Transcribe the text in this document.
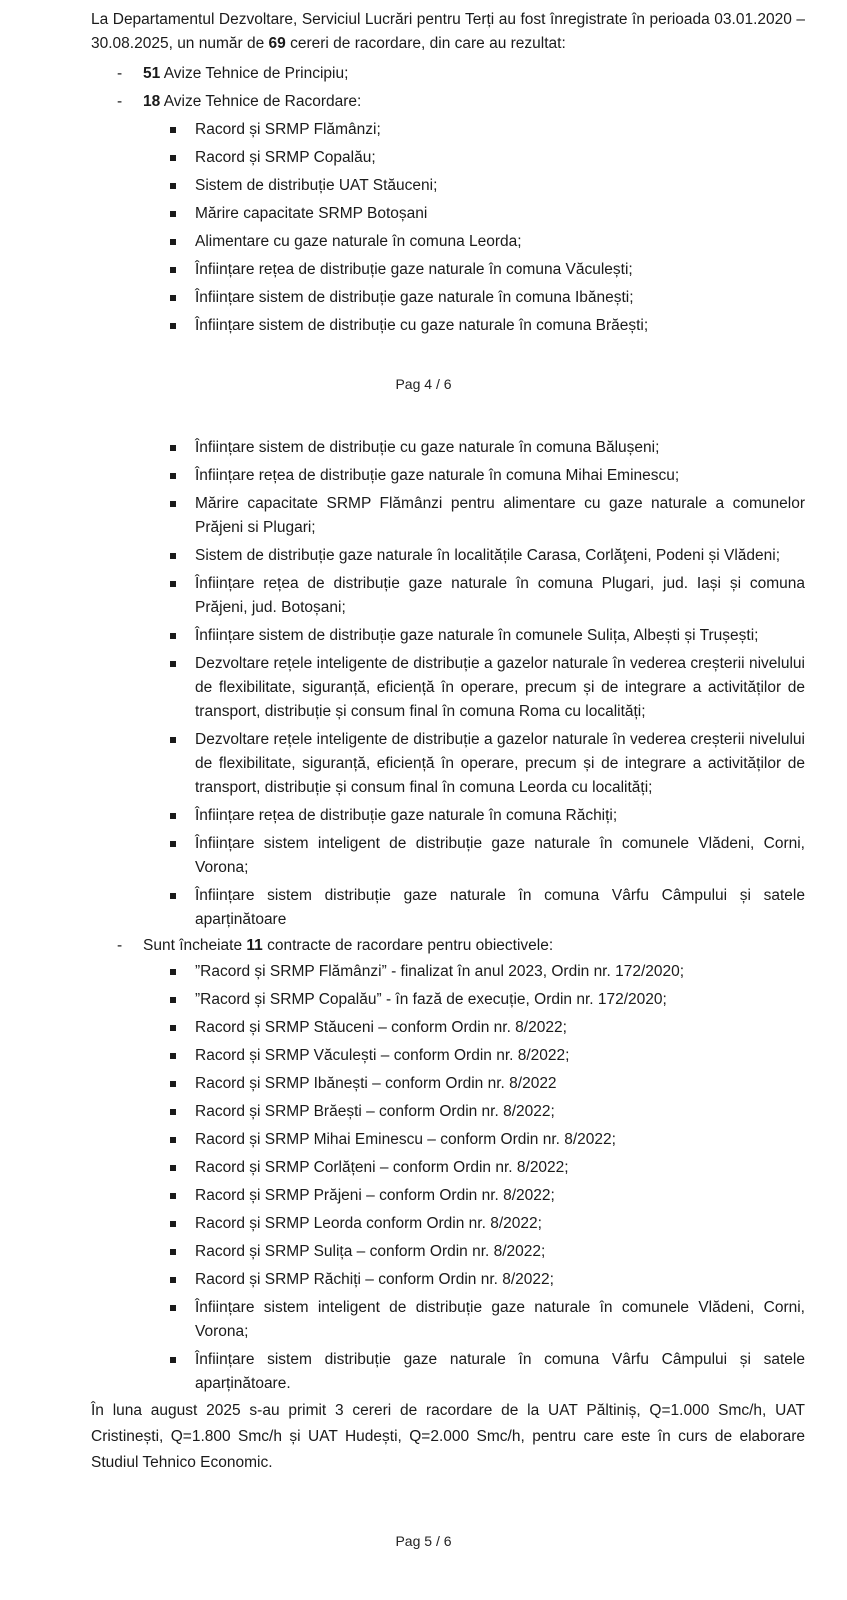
La Departamentul Dezvoltare, Serviciul Lucrări pentru Terți au fost înregistrate în perioada 03.01.2020 – 30.08.2025, un număr de 69 cereri de racordare, din care au rezultat:

- 51 Avize Tehnice de Principiu;
- 18 Avize Tehnice de Racordare:
Racord și SRMP Flămânzi;
Racord și SRMP Copalău;
Sistem de distribuție UAT Stăuceni;
Mărire capacitate SRMP Botoșani
Alimentare cu gaze naturale în comuna Leorda;
Înființare rețea de distribuție gaze naturale în comuna Văculești;
Înființare sistem de distribuție gaze naturale în comuna Ibănești;
Înființare sistem de distribuție cu gaze naturale în comuna Brăești;
Pag 4 / 6
Înființare sistem de distribuție cu gaze naturale în comuna Bălușeni;
Înființare rețea de distribuție gaze naturale în comuna Mihai Eminescu;
Mărire capacitate SRMP Flămânzi pentru alimentare cu gaze naturale a comunelor Prăjeni si Plugari;
Sistem de distribuție gaze naturale în localitățile Carasa, Corlăţeni, Podeni și Vlădeni;
Înființare rețea de distribuție gaze naturale în comuna Plugari, jud. Iași și comuna Prăjeni, jud. Botoșani;
Înființare sistem de distribuție gaze naturale în comunele Sulița, Albești și Trușești;
Dezvoltare rețele inteligente de distribuție a gazelor naturale în vederea creșterii nivelului de flexibilitate, siguranță, eficiență în operare, precum și de integrare a activităților de transport, distribuție și consum final în comuna Roma cu localități;
Dezvoltare rețele inteligente de distribuție a gazelor naturale în vederea creșterii nivelului de flexibilitate, siguranță, eficiență în operare, precum și de integrare a activităților de transport, distribuție și consum final în comuna Leorda cu localități;
Înființare rețea de distribuție gaze naturale în comuna Răchiți;
Înființare sistem inteligent de distribuție gaze naturale în comunele Vlădeni, Corni, Vorona;
Înființare sistem distribuție gaze naturale în comuna Vârfu Câmpului și satele aparținătoare
- Sunt încheiate 11 contracte de racordare pentru obiectivele:
”Racord și SRMP Flămânzi” - finalizat în anul 2023, Ordin nr. 172/2020;
”Racord și SRMP Copalău” - în fază de execuție, Ordin nr. 172/2020;
Racord și SRMP Stăuceni – conform Ordin nr. 8/2022;
Racord și SRMP Văculești – conform Ordin nr. 8/2022;
Racord și SRMP Ibănești – conform Ordin nr. 8/2022
Racord și SRMP Brăești – conform Ordin nr. 8/2022;
Racord și SRMP Mihai Eminescu – conform Ordin nr. 8/2022;
Racord și SRMP Corlățeni – conform Ordin nr. 8/2022;
Racord și SRMP Prăjeni – conform Ordin nr. 8/2022;
Racord și SRMP Leorda conform Ordin nr. 8/2022;
Racord și SRMP Sulița – conform Ordin nr. 8/2022;
Racord și SRMP Răchiți – conform Ordin nr. 8/2022;
Înființare sistem inteligent de distribuție gaze naturale în comunele Vlădeni, Corni, Vorona;
Înființare sistem distribuție gaze naturale în comuna Vârfu Câmpului și satele aparținătoare.

În luna august 2025 s-au primit 3 cereri de racordare de la UAT Păltiniș, Q=1.000 Smc/h, UAT Cristinești, Q=1.800 Smc/h și UAT Hudești, Q=2.000 Smc/h, pentru care este în curs de elaborare Studiul Tehnico Economic.

Pag 5 / 6
